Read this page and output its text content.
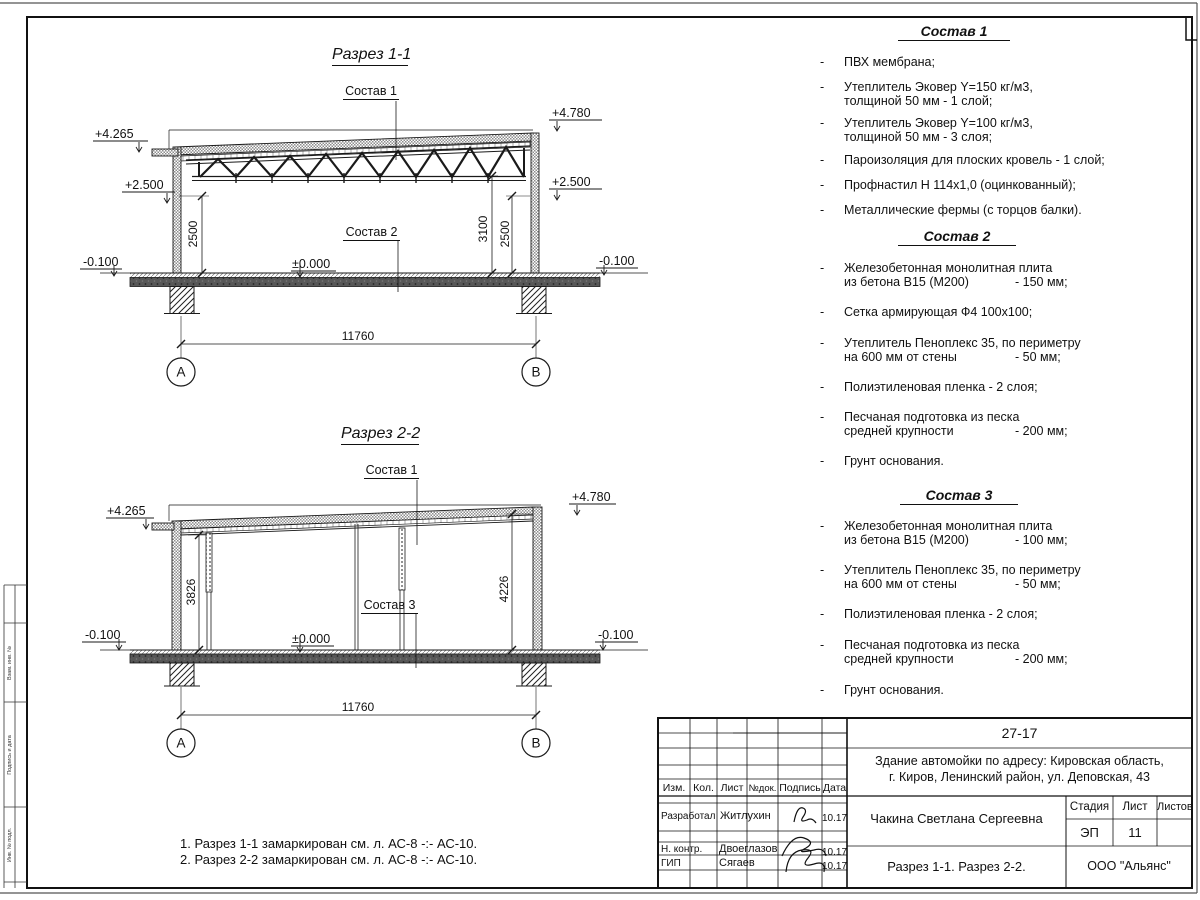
Разрез 1-1
Состав 1
Состав 2
+4.265
+4.780
+2.500	+2.500
±0.000
-0.100	-0.100
2500	3100 2500
11760
А	В
Разрез 2-2
Состав 1
Состав 3
+4.265
+4.780
±0.000
-0.100	-0.100
3826	4226
11760
А	В
1. Разрез 1-1 замаркирован см. л. АС-8 -:- АС-10.
2. Разрез 2-2 замаркирован см. л. АС-8 -:- АС-10.
Состав 1
- ПВХ мембрана;
- Утеплитель Эковер Y=150 кг/м3,
толщиной 50 мм - 1 слой;
- Утеплитель Эковер Y=100 кг/м3,
толщиной 50 мм - 3 слоя;
- Пароизоляция для плоских кровель - 1 слой;
- Профнастил Н 114х1,0 (оцинкованный);
- Металлические фермы (с торцов балки).
Состав 2
- Железобетонная монолитная плита
из бетона В15 (М200)	- 150 мм;
- Сетка армирующая Ф4 100х100;
- Утеплитель Пеноплекс 35, по периметру
на 600 мм от стены	- 50 мм;
- Полиэтиленовая пленка - 2 слоя;
- Песчаная подготовка из песка
средней крупности	- 200 мм;
- Грунт основания.
Состав 3
- Железобетонная монолитная плита
из бетона В15 (М200)	- 100 мм;
- Утеплитель Пеноплекс 35, по периметру
на 600 мм от стены	- 50 мм;
- Полиэтиленовая пленка - 2 слоя;
- Песчаная подготовка из песка
средней крупности	- 200 мм;
- Грунт основания.
27-17
Здание автомойки по адресу: Кировская область,
г. Киров, Ленинский район, ул. Деповская, 43
Изм. Кол. Лист №док. Подпись Дата
Разработал Житлухин	10.17
Н. контр. Двоеглазов	10.17
ГИП	Сягаев	10.17
Чакина Светлана Сергеевна
Стадия	Лист Листов
ЭП	11
Разрез 1-1. Разрез 2-2.	ООО "Альянс"
Взам. инв. №
Подпись и дата
Инв. № подл.
